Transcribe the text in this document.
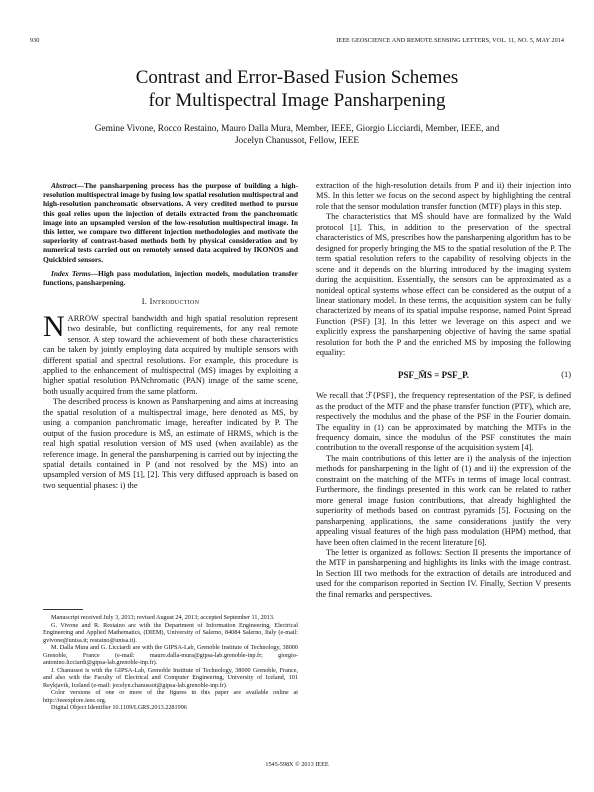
930	IEEE GEOSCIENCE AND REMOTE SENSING LETTERS, VOL. 11, NO. 5, MAY 2014
Contrast and Error-Based Fusion Schemes
for Multispectral Image Pansharpening
Gemine Vivone, Rocco Restaino, Mauro Dalla Mura, Member, IEEE, Giorgio Licciardi, Member, IEEE, and
Jocelyn Chanussot, Fellow, IEEE

Abstract—The pansharpening process has the purpose of building a high-resolution multispectral image by fusing low spatial resolution multispectral and high-resolution panchromatic observations. A very credited method to pursue this goal relies upon the injection of details extracted from the panchromatic image into an upsampled version of the low-resolution multispectral image. In this letter, we compare two different injection methodologies and motivate the superiority of contrast-based methods both by physical consideration and by numerical tests carried out on remotely sensed data acquired by IKONOS and Quickbird sensors.

Index Terms—High pass modulation, injection models, modulation transfer functions, pansharpening.

I. Introduction

NARROW spectral bandwidth and high spatial resolution represent two desirable, but conflicting requirements, for any real remote sensor. A step toward the achievement of both these characteristics can be taken by jointly employing data acquired by multiple sensors with different spatial and spectral resolutions. For example, this procedure is applied to the enhancement of multispectral (MS) images by exploiting a higher spatial resolution PANchromatic (PAN) image of the same scene, both usually acquired from the same platform.

The described process is known as Pansharpening and aims at increasing the spatial resolution of a multispectral image, here denoted as MS, by using a companion panchromatic image, hereafter indicated by P. The output of the fusion procedure is MS̃, an estimate of HRMS, which is the real high spatial resolution version of MS used (when available) as the reference image. In general the pansharpening is carried out by injecting the spatial details contained in P (and not resolved by the MS) into an upsampled version of MS [1], [2]. This very diffused approach is based on two sequential phases: i) the

extraction of the high-resolution details from P and ii) their injection into MS. In this letter we focus on the second aspect by highlighting the central role that the sensor modulation transfer function (MTF) plays in this step.

The characteristics that MS̃ should have are formalized by the Wald protocol [1]. This, in addition to the preservation of the spectral characteristics of MS, prescribes how the pansharpening algorithm has to be designed for properly bringing the MS to the spatial resolution of the P. The term spatial resolution refers to the capability of resolving objects in the scene and it depends on the blurring introduced by the imaging system during the acquisition. Essentially, the sensors can be approximated as a nonideal optical systems whose effect can be considered as the output of a linear stationary model. In these terms, the acquisition system can be fully characterized by means of its spatial impulse response, named Point Spread Function (PSF) [3]. In this letter we leverage on this aspect and we explicitly express the pansharpening objective of having the same spatial resolution for both the P and the enriched MS by imposing the following equality:

PSF_M̃S = PSF_P.	(1)

We recall that ℱ{PSF}, the frequency representation of the PSF, is defined as the product of the MTF and the phase transfer function (PTF), which are, respectively the modulus and the phase of the PSF in the Fourier domain. The equality in (1) can be approximated by matching the MTFs in the frequency domain, since the modulus of the PSF constitutes the main contribution to the overall response of the acquisition system [4].

The main contributions of this letter are i) the analysis of the injection methods for pansharpening in the light of (1) and ii) the expression of the constraint on the matching of the MTFs in terms of image local contrast. Furthermore, the findings presented in this work can be related to rather more general image fusion contributions, that already highlighted the superiority of methods based on contrast pyramids [5]. Focusing on the pansharpening applications, the same considerations justify the very appealing visual features of the high pass modulation (HPM) method, that have been often claimed in the recent literature [6].

The letter is organized as follows: Section II presents the importance of the MTF in pansharpening and highlights its links with the image contrast. In Section III two methods for the extraction of details are introduced and used for the comparison reported in Section IV. Finally, Section V presents the final remarks and perspectives.

Manuscript received July 3, 2013; revised August 24, 2013; accepted September 11, 2013.

G. Vivone and R. Restaino are with the Department of Information Engineering, Electrical Engineering and Applied Mathematics, (DIEM), University of Salerno, 84084 Salerno, Italy (e-mail: gvivone@unisa.it; restaino@unisa.it).

M. Dalla Mura and G. Licciardi are with the GIPSA-Lab, Grenoble Institute of Technology, 38000 Grenoble, France (e-mail: mauro.dalla-mura@gipsa-lab.grenoble-inp.fr; giorgio-antonino.licciardi@gipsa-lab.grenoble-inp.fr).

J. Chanussot is with the GIPSA-Lab, Grenoble Institute of Technology, 38000 Grenoble, France, and also with the Faculty of Electrical and Computer Engineering, University of Iceland, 101 Reykjavik, Iceland (e-mail: jocelyn.chanussot@gipsa-lab.grenoble-inp.fr).

Color versions of one or more of the figures in this paper are available online at http://ieeexplore.ieee.org.

Digital Object Identifier 10.1109/LGRS.2013.2281996

1545-598X © 2013 IEEE
